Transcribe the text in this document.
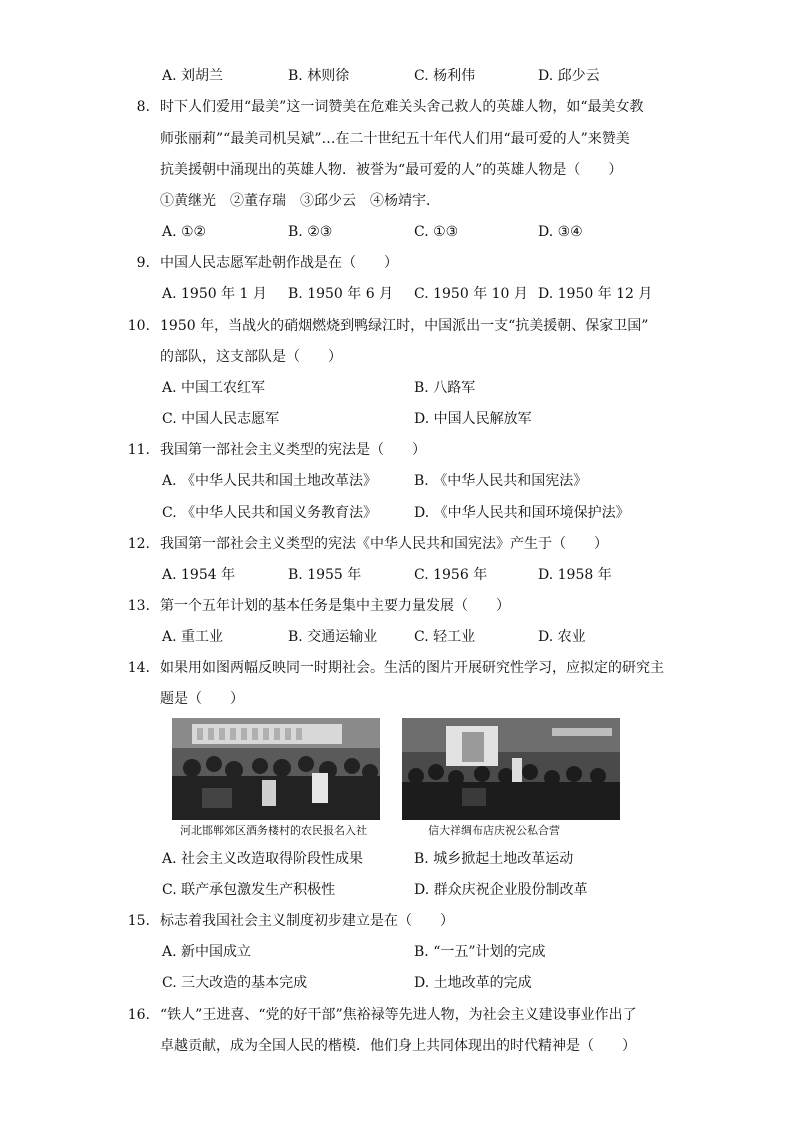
A. 刘胡兰	B. 林则徐	C. 杨利伟	D. 邱少云
8. 时下人们爱用“最美”这一词赞美在危难关头舍己救人的英雄人物，如“最美女教
师张丽莉”“最美司机吴斌”…在二十世纪五十年代人们用“最可爱的人”来赞美
抗美援朝中涌现出的英雄人物．被誉为“最可爱的人”的英雄人物是（　　）
①黄继光　②董存瑞　③邱少云　④杨靖宇．
A. ①②	B. ②③	C. ①③	D. ③④
9. 中国人民志愿军赴朝作战是在（　　）
A. 1950 年 1 月 B. 1950 年 6 月 C. 1950 年 10 月 D. 1950 年 12 月
10. 1950 年，当战火的硝烟燃烧到鸭绿江时，中国派出一支“抗美援朝、保家卫国”
的部队，这支部队是（　　）
A. 中国工农红军	B. 八路军
C. 中国人民志愿军	D. 中国人民解放军
11. 我国第一部社会主义类型的宪法是（　　）
A. 《中华人民共和国土地改革法》	B. 《中华人民共和国宪法》
C. 《中华人民共和国义务教育法》	D. 《中华人民共和国环境保护法》
12. 我国第一部社会主义类型的宪法《中华人民共和国宪法》产生于（　　）
A. 1954 年	B. 1955 年	C. 1956 年	D. 1958 年
13. 第一个五年计划的基本任务是集中主要力量发展（　　）
A. 重工业	B. 交通运输业	C. 轻工业	D. 农业
14. 如果用如图两幅反映同一时期社会。生活的图片开展研究性学习，应拟定的研究主
题是（　　）
河北邯郸郊区酒务楼村的农民报名入社	信大祥绸布店庆祝公私合营
A. 社会主义改造取得阶段性成果	B. 城乡掀起土地改革运动
C. 联产承包激发生产积极性	D. 群众庆祝企业股份制改革
15. 标志着我国社会主义制度初步建立是在（　　）
A. 新中国成立	B. “一五”计划的完成
C. 三大改造的基本完成	D. 土地改革的完成
16. “铁人”王进喜、“党的好干部”焦裕禄等先进人物，为社会主义建设事业作出了
卓越贡献，成为全国人民的楷模．他们身上共同体现出的时代精神是（　　）
